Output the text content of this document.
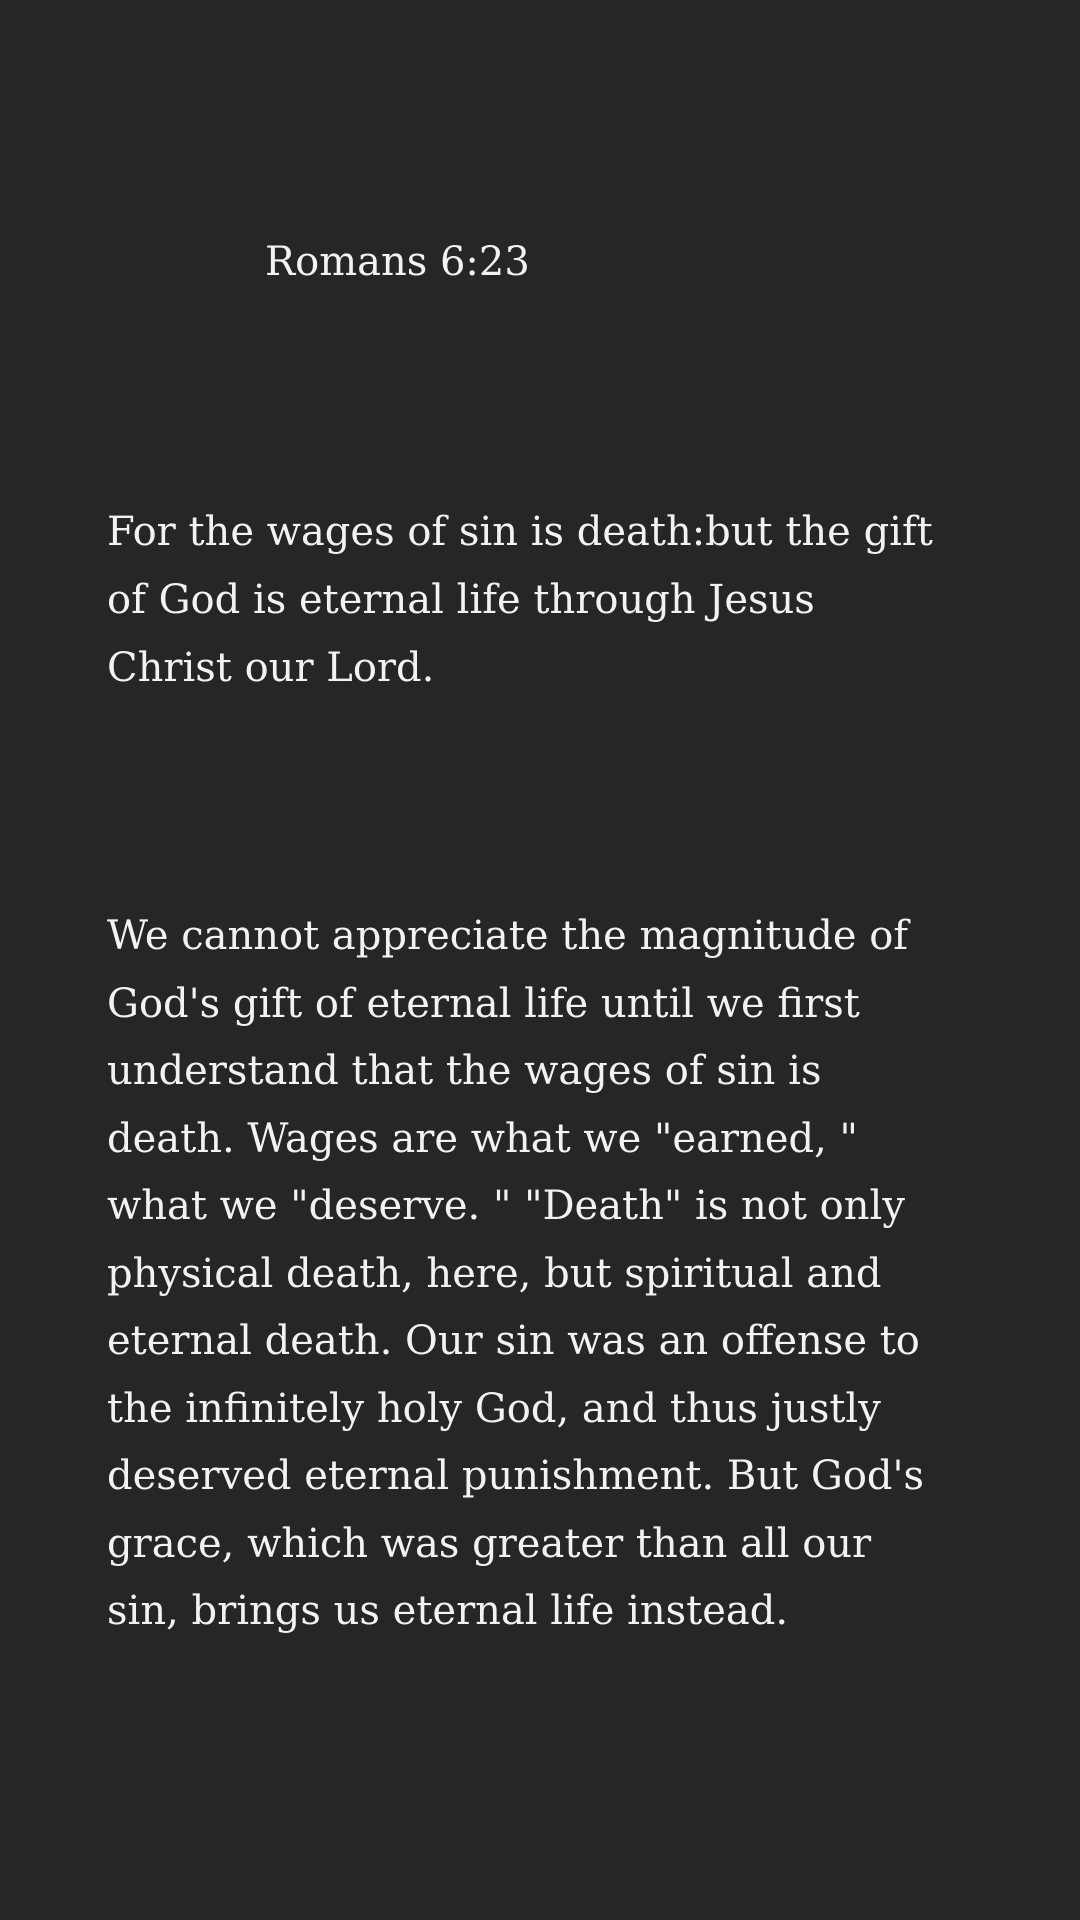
Romans 6:23

For the wages of sin is death:but the gift
of God is eternal life through Jesus
Christ our Lord.

We cannot appreciate the magnitude of
God's gift of eternal life until we first
understand that the wages of sin is
death. Wages are what we "earned, "
what we "deserve. " "Death" is not only
physical death, here, but spiritual and
eternal death. Our sin was an offense to
the infinitely holy God, and thus justly
deserved eternal punishment. But God's
grace, which was greater than all our
sin, brings us eternal life instead.
